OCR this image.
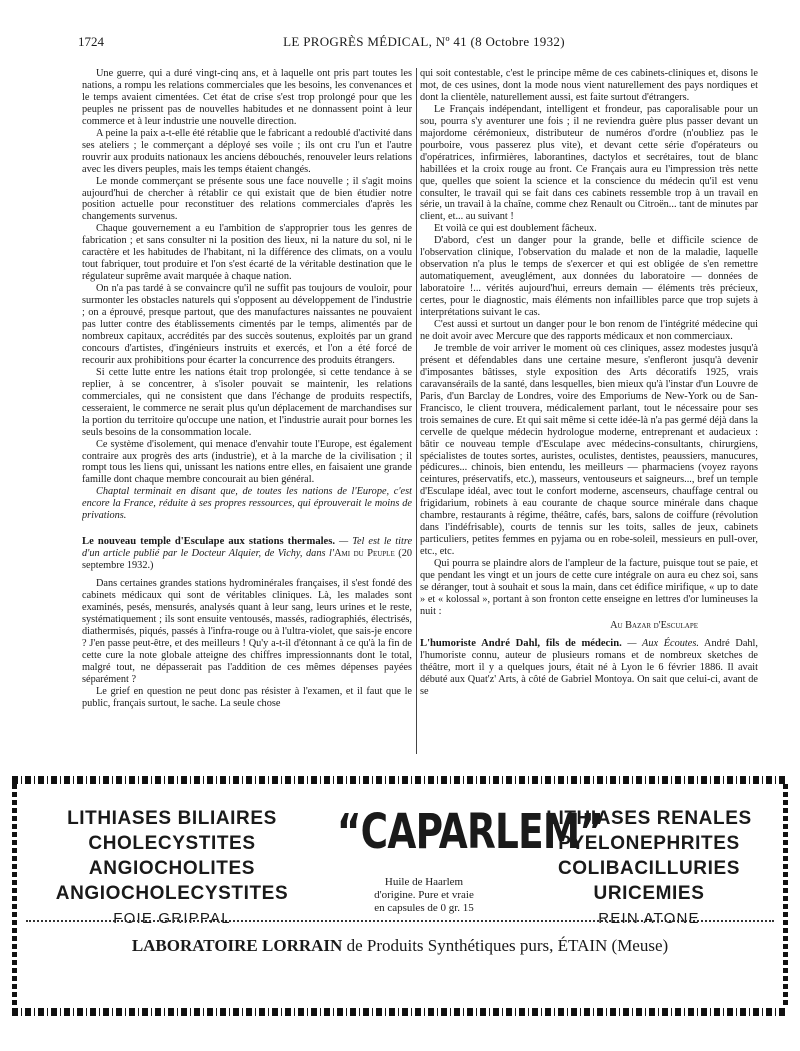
1724	LE PROGRÈS MÉDICAL, Nº 41 (8 Octobre 1932)

Une guerre, qui a duré vingt-cinq ans, et à laquelle ont pris part toutes les nations, a rompu les relations commerciales que les besoins, les convenances et le temps avaient cimentées. Cet état de crise s'est trop prolongé pour que les peuples ne prissent pas de nouvelles habitudes et ne donnassent point à leur commerce et à leur industrie une nouvelle direction.

A peine la paix a-t-elle été rétablie que le fabricant a redoublé d'activité dans ses ateliers ; le commerçant a déployé ses voile ; ils ont cru l'un et l'autre rouvrir aux produits nationaux les anciens débouchés, renouveler leurs relations avec les divers peuples, mais les temps étaient changés.

Le monde commerçant se présente sous une face nouvelle ; il s'agit moins aujourd'hui de chercher à rétablir ce qui existait que de bien étudier notre position actuelle pour reconstituer des relations commerciales d'après les changements survenus.

Chaque gouvernement a eu l'ambition de s'approprier tous les genres de fabrication ; et sans consulter ni la position des lieux, ni la nature du sol, ni le caractère et les habitudes de l'habitant, ni la différence des climats, on a voulu tout fabriquer, tout produire et l'on s'est écarté de la véritable destination que le régulateur suprême avait marquée à chaque nation.

On n'a pas tardé à se convaincre qu'il ne suffit pas toujours de vouloir, pour surmonter les obstacles naturels qui s'opposent au développement de l'industrie ; on a éprouvé, presque partout, que des manufactures naissantes ne pouvaient pas lutter contre des établissements cimentés par le temps, alimentés par de nombreux capitaux, accrédités par des succès soutenus, exploités par un grand concours d'artistes, d'ingénieurs instruits et exercés, et l'on a été forcé de recourir aux prohibitions pour écarter la concurrence des produits étrangers.

Si cette lutte entre les nations était trop prolongée, si cette tendance à se replier, à se concentrer, à s'isoler pouvait se maintenir, les relations commerciales, qui ne consistent que dans l'échange de produits respectifs, cesseraient, le commerce ne serait plus qu'un déplacement de marchandises sur la portion du territoire qu'occupe une nation, et l'industrie aurait pour bornes les seuls besoins de la consommation locale.

Ce système d'isolement, qui menace d'envahir toute l'Europe, est également contraire aux progrès des arts (industrie), et à la marche de la civilisation ; il rompt tous les liens qui, unissant les nations entre elles, en faisaient une grande famille dont chaque membre concourait au bien général.

Chaptal terminait en disant que, de toutes les nations de l'Europe, c'est encore la France, réduite à ses propres ressources, qui éprouverait le moins de privations.

Le nouveau temple d'Esculape aux stations thermales. — Tel est le titre d'un article publié par le Docteur Alquier, de Vichy, dans l'Ami du Peuple (20 septembre 1932.)

Dans certaines grandes stations hydrominérales françaises, il s'est fondé des cabinets médicaux qui sont de véritables cliniques. Là, les malades sont examinés, pesés, mensurés, analysés quant à leur sang, leurs urines et le reste, systématiquement ; ils sont ensuite ventousés, massés, radiographiés, électrisés, diathermisés, piqués, passés à l'infra-rouge ou à l'ultra-violet, que sais-je encore ? J'en passe peut-être, et des meilleurs ! Qu'y a-t-il d'étonnant à ce qu'à la fin de cette cure la note globale atteigne des chiffres impressionnants dont le total, malgré tout, ne dépasserait pas l'addition de ces mêmes dépenses payées séparément ?

Le grief en question ne peut donc pas résister à l'examen, et il faut que le public, français surtout, le sache. La seule chose

qui soit contestable, c'est le principe même de ces cabinets-cliniques et, disons le mot, de ces usines, dont la mode nous vient naturellement des pays nordiques et dont la clientèle, naturellement aussi, est faite surtout d'étrangers.

Le Français indépendant, intelligent et frondeur, pas caporalisable pour un sou, pourra s'y aventurer une fois ; il ne reviendra guère plus passer devant un majordome cérémonieux, distributeur de numéros d'ordre (n'oubliez pas le pourboire, vous passerez plus vite), et devant cette série d'opérateurs ou d'opératrices, infirmières, laborantines, dactylos et secrétaires, tout de blanc habillées et la croix rouge au front. Ce Français aura eu l'impression très nette que, quelles que soient la science et la conscience du médecin qu'il est venu consulter, le travail qui se fait dans ces cabinets ressemble trop à un travail en série, un travail à la chaîne, comme chez Renault ou Citroën... tant de minutes par client, et... au suivant !

Et voilà ce qui est doublement fâcheux.

D'abord, c'est un danger pour la grande, belle et difficile science de l'observation clinique, l'observation du malade et non de la maladie, laquelle observation n'a plus le temps de s'exercer et qui est obligée de s'en remettre automatiquement, aveuglément, aux données du laboratoire — données de laboratoire !... vérités aujourd'hui, erreurs demain — éléments très précieux, certes, pour le diagnostic, mais éléments non infaillibles parce que trop sujets à interprétations suivant le cas.

C'est aussi et surtout un danger pour le bon renom de l'intégrité médecine qui ne doit avoir avec Mercure que des rapports médicaux et non commerciaux.

Je tremble de voir arriver le moment où ces cliniques, assez modestes jusqu'à présent et défendables dans une certaine mesure, s'enfleront jusqu'à devenir d'imposantes bâtisses, style exposition des Arts décoratifs 1925, vrais caravansérails de la santé, dans lesquelles, bien mieux qu'à l'instar d'un Louvre de Paris, d'un Barclay de Londres, voire des Emporiums de New-York ou de San-Francisco, le client trouvera, médicalement parlant, tout le nécessaire pour ses trois semaines de cure. Et qui sait même si cette idée-là n'a pas germé déjà dans la cervelle de quelque médecin hydrologue moderne, entreprenant et audacieux : bâtir ce nouveau temple d'Esculape avec médecins-consultants, chirurgiens, spécialistes de toutes sortes, auristes, oculistes, dentistes, peaussiers, manucures, pédicures... chinois, bien entendu, les meilleurs — pharmaciens (voyez rayons ceintures, préservatifs, etc.), masseurs, ventouseurs et saigneurs..., bref un temple d'Esculape idéal, avec tout le confort moderne, ascenseurs, chauffage central ou frigidarium, robinets à eau courante de chaque source minérale dans chaque chambre, restaurants à régime, théâtre, cafés, bars, salons de coiffure (révolution dans l'indéfrisable), courts de tennis sur les toits, salles de jeux, cabinets particuliers, petites femmes en pyjama ou en robe-soleil, messieurs en pull-over, etc., etc.

Qui pourra se plaindre alors de l'ampleur de la facture, puisque tout se paie, et que pendant les vingt et un jours de cette cure intégrale on aura eu chez soi, sans se déranger, tout à souhait et sous la main, dans cet édifice mirifique, « up to date » et « kolossal », portant à son fronton cette enseigne en lettres d'or lumineuses la nuit :

Au Bazar d'Esculape

L'humoriste André Dahl, fils de médecin. — Aux Écoutes. André Dahl, l'humoriste connu, auteur de plusieurs romans et de nombreux sketches de théâtre, mort il y a quelques jours, était né à Lyon le 6 février 1886. Il avait débuté aux Quat'z' Arts, à côté de Gabriel Montoya. On sait que celui-ci, avant de se

LITHIASES BILIAIRES
CHOLECYSTITES
ANGIOCHOLITES
ANGIOCHOLECYSTITES
FOIE GRIPPAL
“CAPARLEM”
Huile de Haarlem
d'origine. Pure et vraie
en capsules de 0 gr. 15
LITHIASES RENALES
PYELONEPHRITES
COLIBACILLURIES
URICEMIES
REIN ATONE
LABORATOIRE LORRAIN de Produits Synthétiques purs, ÉTAIN (Meuse)
